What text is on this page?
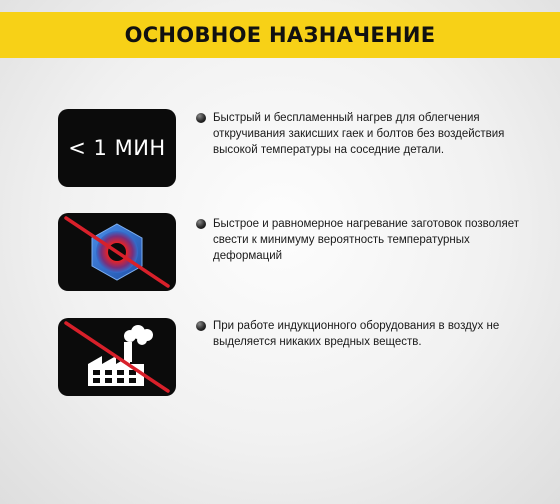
ОСНОВНОЕ НАЗНАЧЕНИЕ
< 1 МИН
Быстрый и беспламенный нагрев для облегчения откручивания закисших гаек и болтов без воздействия высокой температуры на соседние детали.
Быстрое и равномерное нагревание заготовок позволяет свести к минимуму вероятность температурных деформаций
При работе индукционного оборудования в воздух не выделяется никаких вредных веществ.
